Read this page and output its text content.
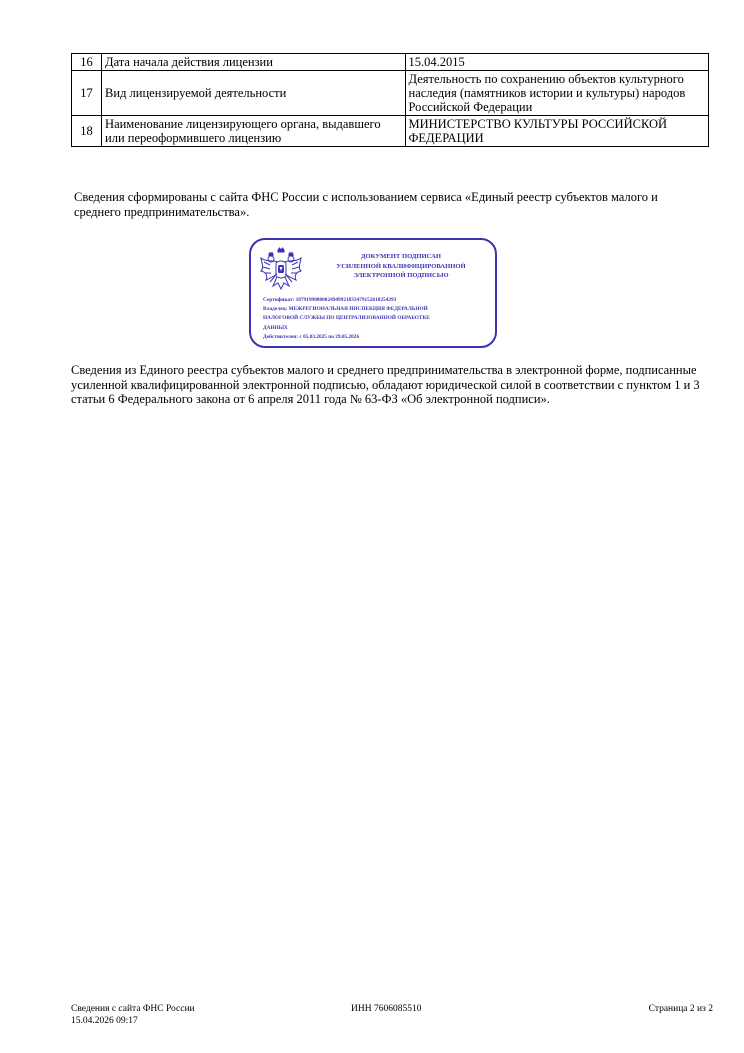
16	Дата начала действия лицензии	15.04.2015
17	Вид лицензируемой деятельности	Деятельность по сохранению объектов культурного наследия (памятников истории и культуры) народов Российской Федерации
18	Наименование лицензирующего органа, выдавшего или переоформившего лицензию	МИНИСТЕРСТВО КУЛЬТУРЫ РОССИЙСКОЙ ФЕДЕРАЦИИ
Сведения сформированы с сайта ФНС России с использованием сервиса «Единый реестр субъектов малого и среднего предпринимательства».
ДОКУМЕНТ ПОДПИСАН
УСИЛЕННОЙ КВАЛИФИЦИРОВАННОЙ
ЭЛЕКТРОННОЙ ПОДПИСЬЮ
Сертификат: 18791990800024949921833479152610254393
Владелец: МЕЖРЕГИОНАЛЬНАЯ ИНСПЕКЦИЯ ФЕДЕРАЛЬНОЙ
НАЛОГОВОЙ СЛУЖБЫ ПО ЦЕНТРАЛИЗОВАННОЙ ОБРАБОТКЕ
ДАННЫХ
Действителен: с 05.03.2025 по 29.05.2026
Сведения из Единого реестра субъектов малого и среднего предпринимательства в электронной форме, подписанные усиленной квалифицированной электронной подписью, обладают юридической силой в соответствии с пунктом 1 и 3 статьи 6 Федерального закона от 6 апреля 2011 года № 63-ФЗ «Об электронной подписи».
Сведения с сайта ФНС России
15.04.2026 09:17
ИНН 7606085510	Страница 2 из 2
